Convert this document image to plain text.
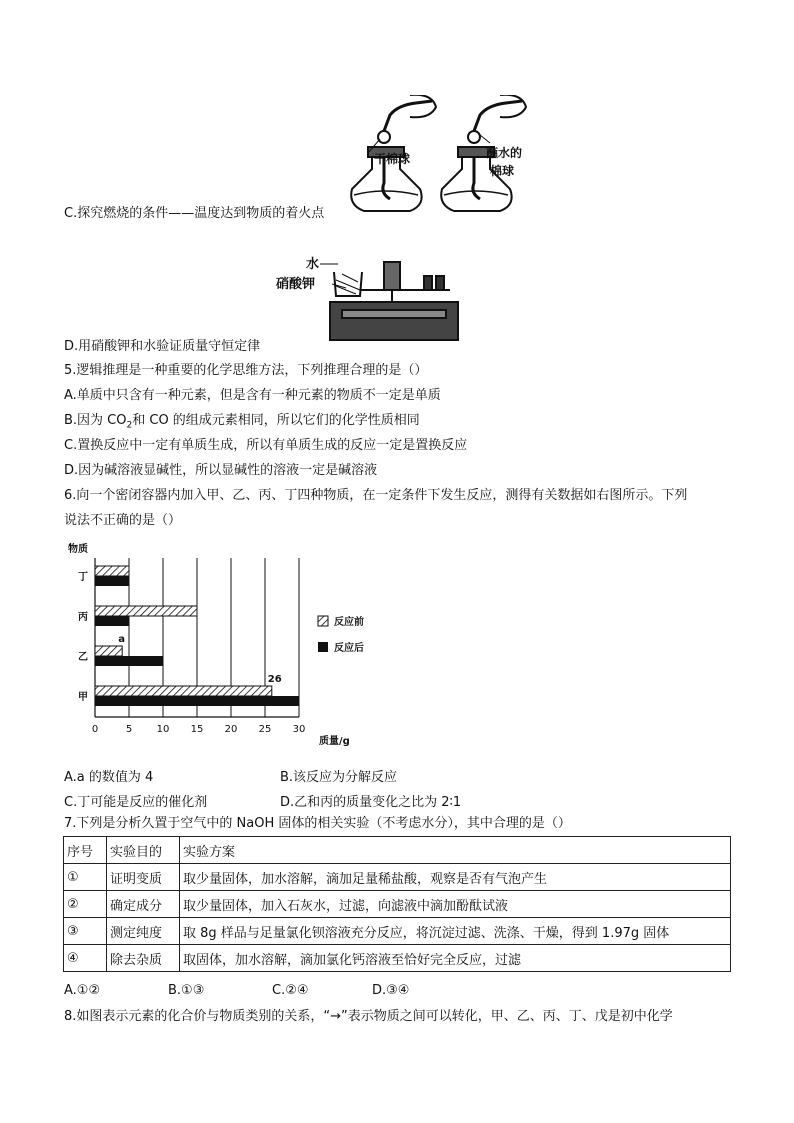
干棉球	蘸水的
棉球
C.探究燃烧的条件——温度达到物质的着火点
水
硝酸钾
D.用硝酸钾和水验证质量守恒定律
5.逻辑推理是一种重要的化学思维方法，下列推理合理的是（）
A.单质中只含有一种元素，但是含有一种元素的物质不一定是单质
B.因为 $CO_2$和 CO 的组成元素相同，所以它们的化学性质相同
C.置换反应中一定有单质生成，所以有单质生成的反应一定是置换反应
D.因为碱溶液显碱性，所以显碱性的溶液一定是碱溶液
6.向一个密闭容器内加入甲、乙、丙、丁四种物质，在一定条件下发生反应，测得有关数据如右图所示。下列
说法不正确的是（）
0	5 10 15 20 25 30
物质
质量/g
丁
丙
乙
a
甲
26
反应前
反应后
A.a 的数值为 4	B.该反应为分解反应
C.丁可能是反应的催化剂	D.乙和丙的质量变化之比为 2∶1
7.下列是分析久置于空气中的 NaOH 固体的相关实验（不考虑水分），其中合理的是（）
序号	实验目的	实验方案
①	证明变质	取少量固体，加水溶解，滴加足量稀盐酸，观察是否有气泡产生
②	确定成分	取少量固体，加入石灰水，过滤，向滤液中滴加酚酞试液
③	测定纯度	取 8g 样品与足量氯化钡溶液充分反应，将沉淀过滤、洗涤、干燥，得到 1.97g 固体
④	除去杂质	取固体，加水溶解，滴加氯化钙溶液至恰好完全反应，过滤
A.①②	B.①③	C.②④	D.③④
8.如图表示元素的化合价与物质类别的关系，“→”表示物质之间可以转化，甲、乙、丙、丁、戊是初中化学
